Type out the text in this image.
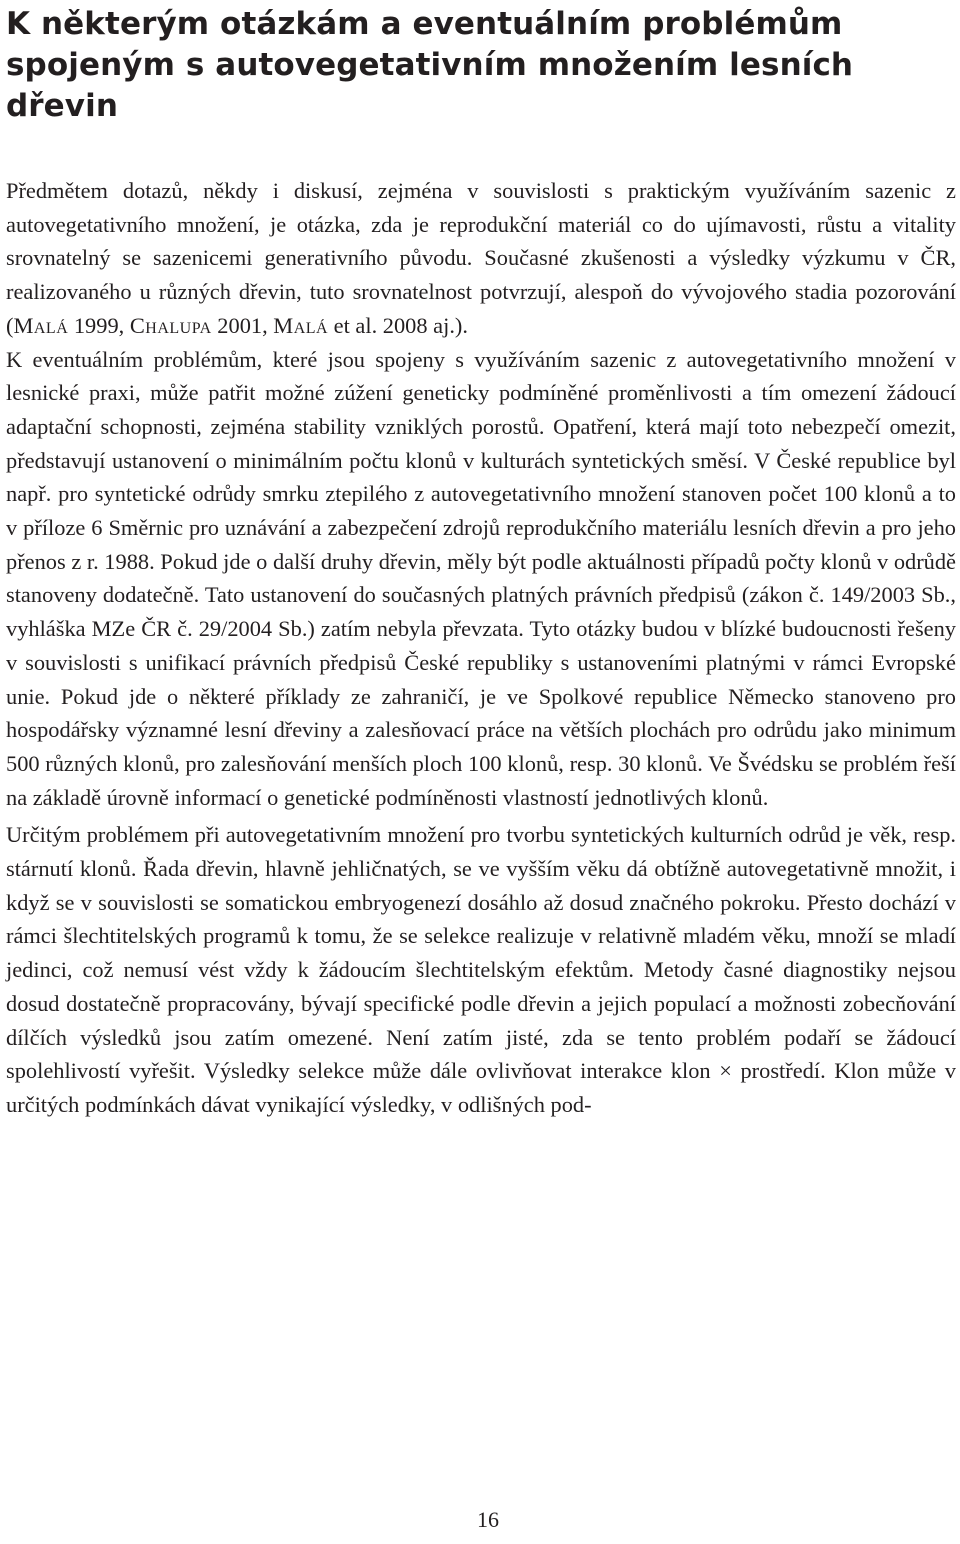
K některým otázkám a eventuálním problémům spojeným s autovegetativním množením lesních dřevin

Předmětem dotazů, někdy i diskusí, zejména v souvislosti s praktickým využíváním sazenic z autovegetativního množení, je otázka, zda je reprodukční materiál co do ujímavosti, růstu a vitality srovnatelný se sazenicemi generativního původu. Současné zkušenosti a výsledky výzkumu v ČR, realizovaného u různých dřevin, tuto srovnatelnost potvrzují, alespoň do vývojového stadia pozorování (Malá 1999, Chalupa 2001, Malá et al. 2008 aj.).

K eventuálním problémům, které jsou spojeny s využíváním sazenic z autovegetativního množení v lesnické praxi, může patřit možné zúžení geneticky podmíněné proměnlivosti a tím omezení žádoucí adaptační schopnosti, zejména stability vzniklých porostů. Opatření, která mají toto nebezpečí omezit, představují ustanovení o minimálním počtu klonů v kulturách syntetických směsí. V České republice byl např. pro syntetické odrůdy smrku ztepilého z autovegetativního množení stanoven počet 100 klonů a to v příloze 6 Směrnic pro uznávání a zabezpečení zdrojů reprodukčního materiálu lesních dřevin a pro jeho přenos z r. 1988. Pokud jde o další druhy dřevin, měly být podle aktuálnosti případů počty klonů v odrůdě stanoveny dodatečně. Tato ustanovení do současných platných právních předpisů (zákon č. 149/2003 Sb., vyhláška MZe ČR č. 29/2004 Sb.) zatím nebyla převzata. Tyto otázky budou v blízké budoucnosti řešeny v souvislosti s unifikací právních předpisů České republiky s ustanoveními platnými v rámci Evropské unie. Pokud jde o některé příklady ze zahraničí, je ve Spolkové republice Německo stanoveno pro hospodářsky významné lesní dřeviny a zalesňovací práce na větších plochách pro odrůdu jako minimum 500 různých klonů, pro zalesňování menších ploch 100 klonů, resp. 30 klonů. Ve Švédsku se problém řeší na základě úrovně informací o genetické podmíněnosti vlastností jednotlivých klonů.

Určitým problémem při autovegetativním množení pro tvorbu syntetických kulturních odrůd je věk, resp. stárnutí klonů. Řada dřevin, hlavně jehličnatých, se ve vyšším věku dá obtížně autovegetativně množit, i když se v souvislosti se somatickou embryogenezí dosáhlo až dosud značného pokroku. Přesto dochází v rámci šlechtitelských programů k tomu, že se selekce realizuje v relativně mladém věku, množí se mladí jedinci, což nemusí vést vždy k žádoucím šlechtitelským efektům. Metody časné diagnostiky nejsou dosud dostatečně propracovány, bývají specifické podle dřevin a jejich populací a možnosti zobecňování dílčích výsledků jsou zatím omezené. Není zatím jisté, zda se tento problém podaří se žádoucí spolehlivostí vyřešit. Výsledky selekce může dále ovlivňovat interakce klon × prostředí. Klon může v určitých podmínkách dávat vynikající výsledky, v odlišných pod-

16
